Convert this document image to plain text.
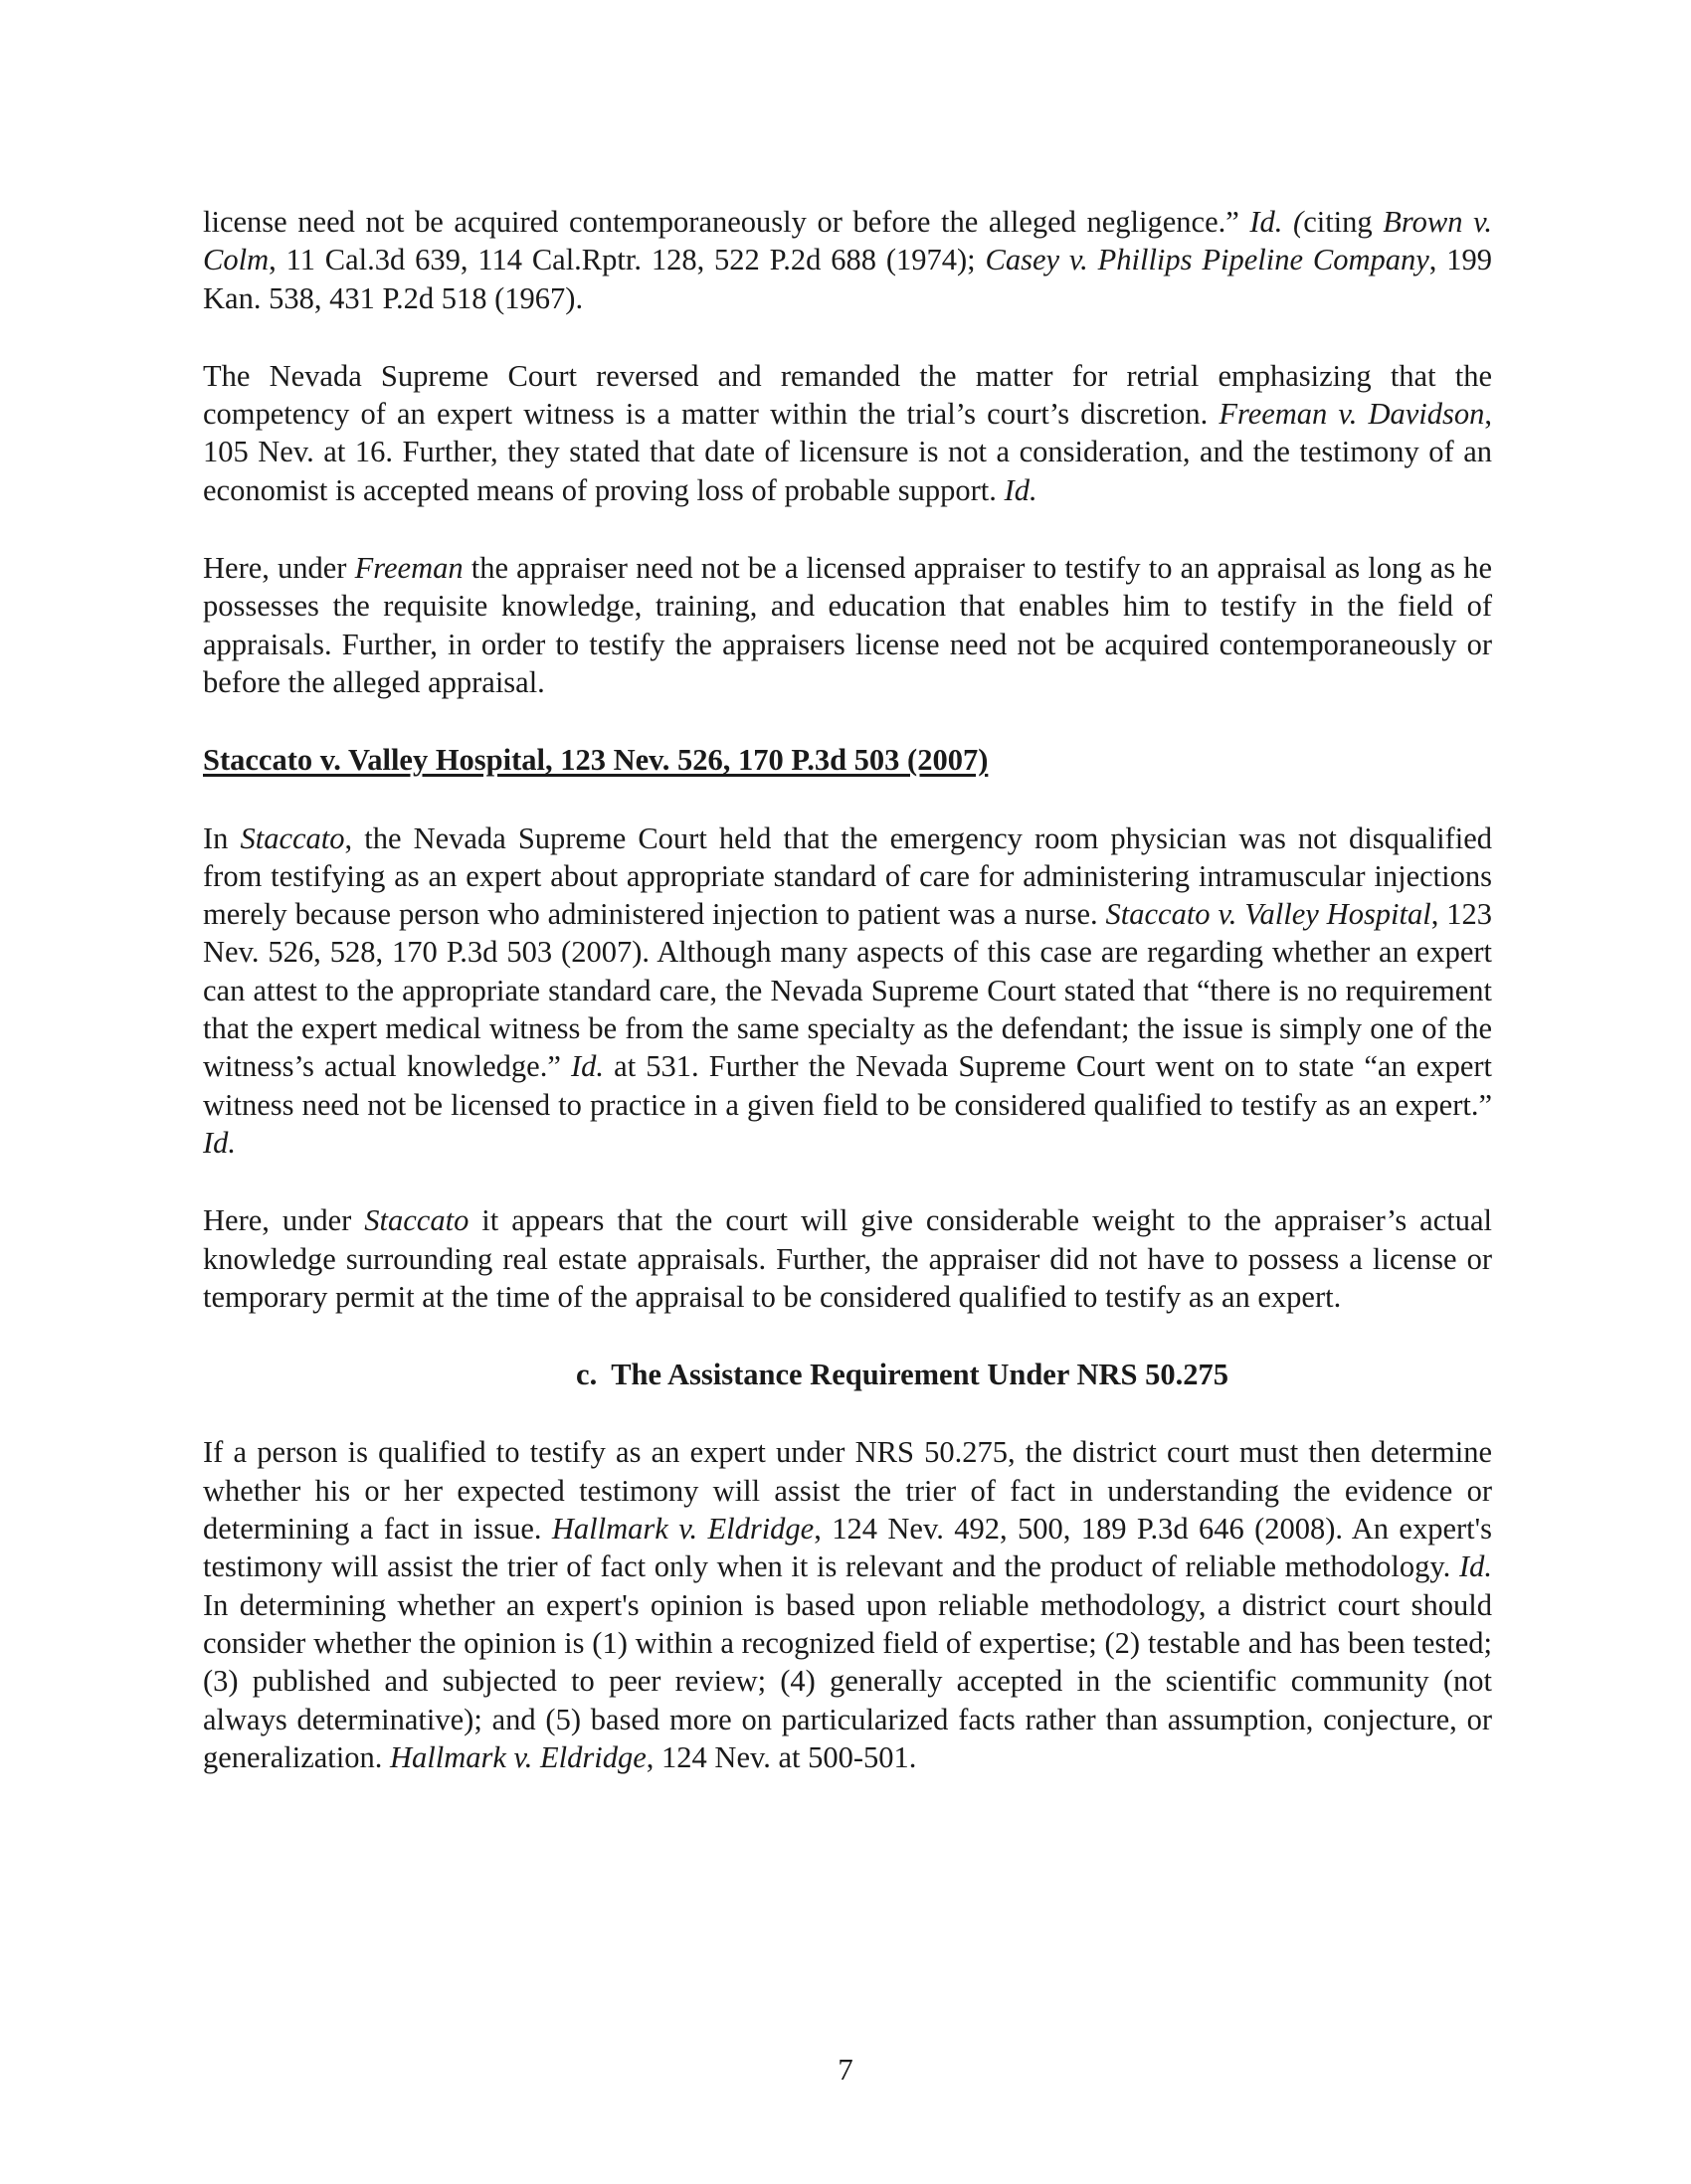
license need not be acquired contemporaneously or before the alleged negligence.” Id. (citing Brown v. Colm, 11 Cal.3d 639, 114 Cal.Rptr. 128, 522 P.2d 688 (1974); Casey v. Phillips Pipeline Company, 199 Kan. 538, 431 P.2d 518 (1967).

The Nevada Supreme Court reversed and remanded the matter for retrial emphasizing that the competency of an expert witness is a matter within the trial’s court’s discretion. Freeman v. Davidson, 105 Nev. at 16. Further, they stated that date of licensure is not a consideration, and the testimony of an economist is accepted means of proving loss of probable support. Id.

Here, under Freeman the appraiser need not be a licensed appraiser to testify to an appraisal as long as he possesses the requisite knowledge, training, and education that enables him to testify in the field of appraisals. Further, in order to testify the appraisers license need not be acquired contemporaneously or before the alleged appraisal.

Staccato v. Valley Hospital, 123 Nev. 526, 170 P.3d 503 (2007)

In Staccato, the Nevada Supreme Court held that the emergency room physician was not disqualified from testifying as an expert about appropriate standard of care for administering intramuscular injections merely because person who administered injection to patient was a nurse. Staccato v. Valley Hospital, 123 Nev. 526, 528, 170 P.3d 503 (2007). Although many aspects of this case are regarding whether an expert can attest to the appropriate standard care, the Nevada Supreme Court stated that “there is no requirement that the expert medical witness be from the same specialty as the defendant; the issue is simply one of the witness’s actual knowledge.” Id. at 531. Further the Nevada Supreme Court went on to state “an expert witness need not be licensed to practice in a given field to be considered qualified to testify as an expert.” Id.

Here, under Staccato it appears that the court will give considerable weight to the appraiser’s actual knowledge surrounding real estate appraisals. Further, the appraiser did not have to possess a license or temporary permit at the time of the appraisal to be considered qualified to testify as an expert.

c. The Assistance Requirement Under NRS 50.275

If a person is qualified to testify as an expert under NRS 50.275, the district court must then determine whether his or her expected testimony will assist the trier of fact in understanding the evidence or determining a fact in issue. Hallmark v. Eldridge, 124 Nev. 492, 500, 189 P.3d 646 (2008). An expert's testimony will assist the trier of fact only when it is relevant and the product of reliable methodology. Id. In determining whether an expert's opinion is based upon reliable methodology, a district court should consider whether the opinion is (1) within a recognized field of expertise; (2) testable and has been tested; (3) published and subjected to peer review; (4) generally accepted in the scientific community (not always determinative); and (5) based more on particularized facts rather than assumption, conjecture, or generalization. Hallmark v. Eldridge, 124 Nev. at 500-501.

7
